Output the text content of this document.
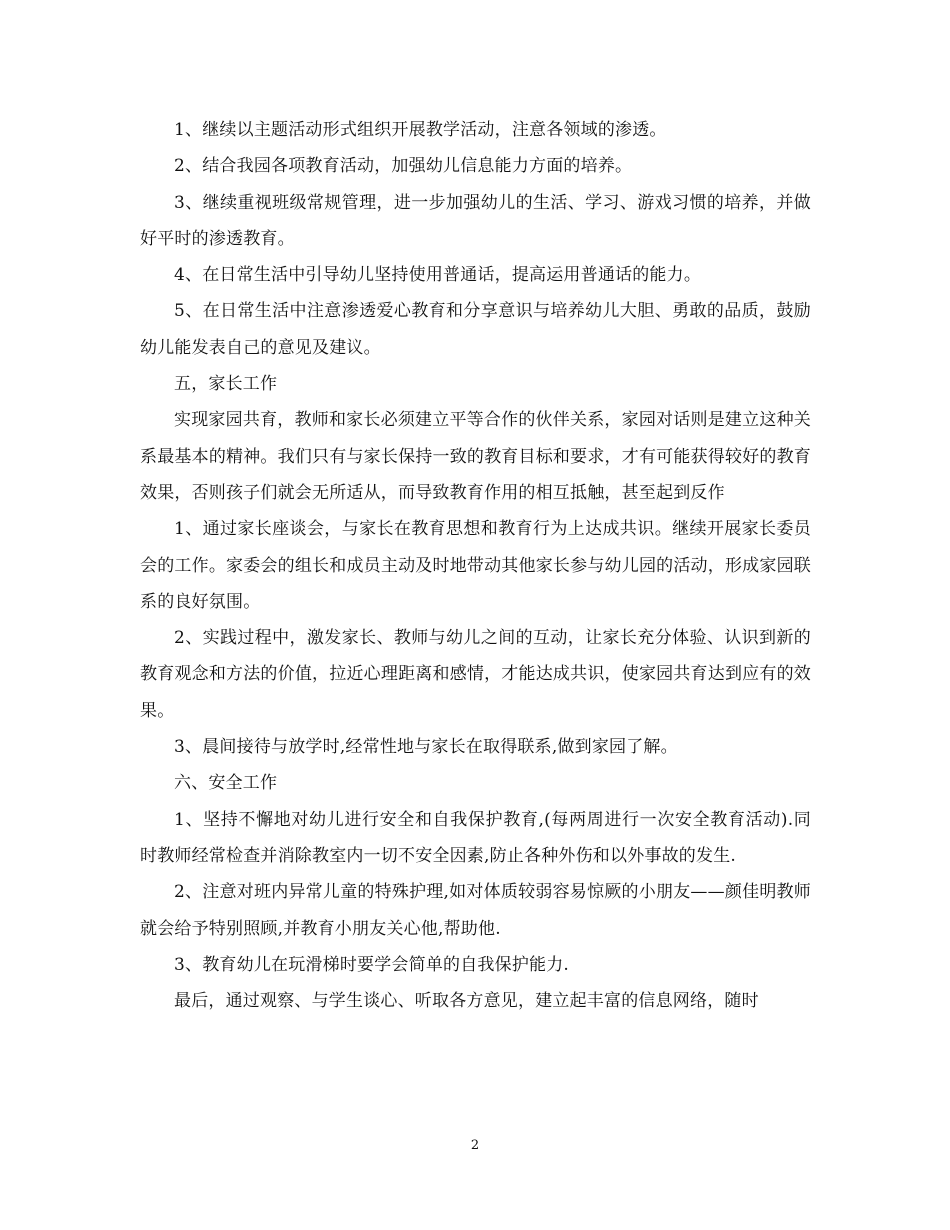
1、继续以主题活动形式组织开展教学活动，注意各领域的渗透。

2、结合我园各项教育活动，加强幼儿信息能力方面的培养。

3、继续重视班级常规管理，进一步加强幼儿的生活、学习、游戏习惯的培养，并做好平时的渗透教育。

4、在日常生活中引导幼儿坚持使用普通话，提高运用普通话的能力。

5、在日常生活中注意渗透爱心教育和分享意识与培养幼儿大胆、勇敢的品质，鼓励幼儿能发表自己的意见及建议。

五，家长工作

实现家园共育，教师和家长必须建立平等合作的伙伴关系，家园对话则是建立这种关系最基本的精神。我们只有与家长保持一致的教育目标和要求，才有可能获得较好的教育效果，否则孩子们就会无所适从，而导致教育作用的相互抵触，甚至起到反作

1、通过家长座谈会，与家长在教育思想和教育行为上达成共识。继续开展家长委员会的工作。家委会的组长和成员主动及时地带动其他家长参与幼儿园的活动，形成家园联系的良好氛围。

2、实践过程中，激发家长、教师与幼儿之间的互动，让家长充分体验、认识到新的教育观念和方法的价值，拉近心理距离和感情，才能达成共识，使家园共育达到应有的效果。

3、晨间接待与放学时,经常性地与家长在取得联系,做到家园了解。

六、安全工作

1、坚持不懈地对幼儿进行安全和自我保护教育,(每两周进行一次安全教育活动).同时教师经常检查并消除教室内一切不安全因素,防止各种外伤和以外事故的发生.

2、注意对班内异常儿童的特殊护理,如对体质较弱容易惊厥的小朋友——颜佳明教师就会给予特别照顾,并教育小朋友关心他,帮助他.

3、教育幼儿在玩滑梯时要学会简单的自我保护能力.

最后，通过观察、与学生谈心、听取各方意见，建立起丰富的信息网络，随时

2
